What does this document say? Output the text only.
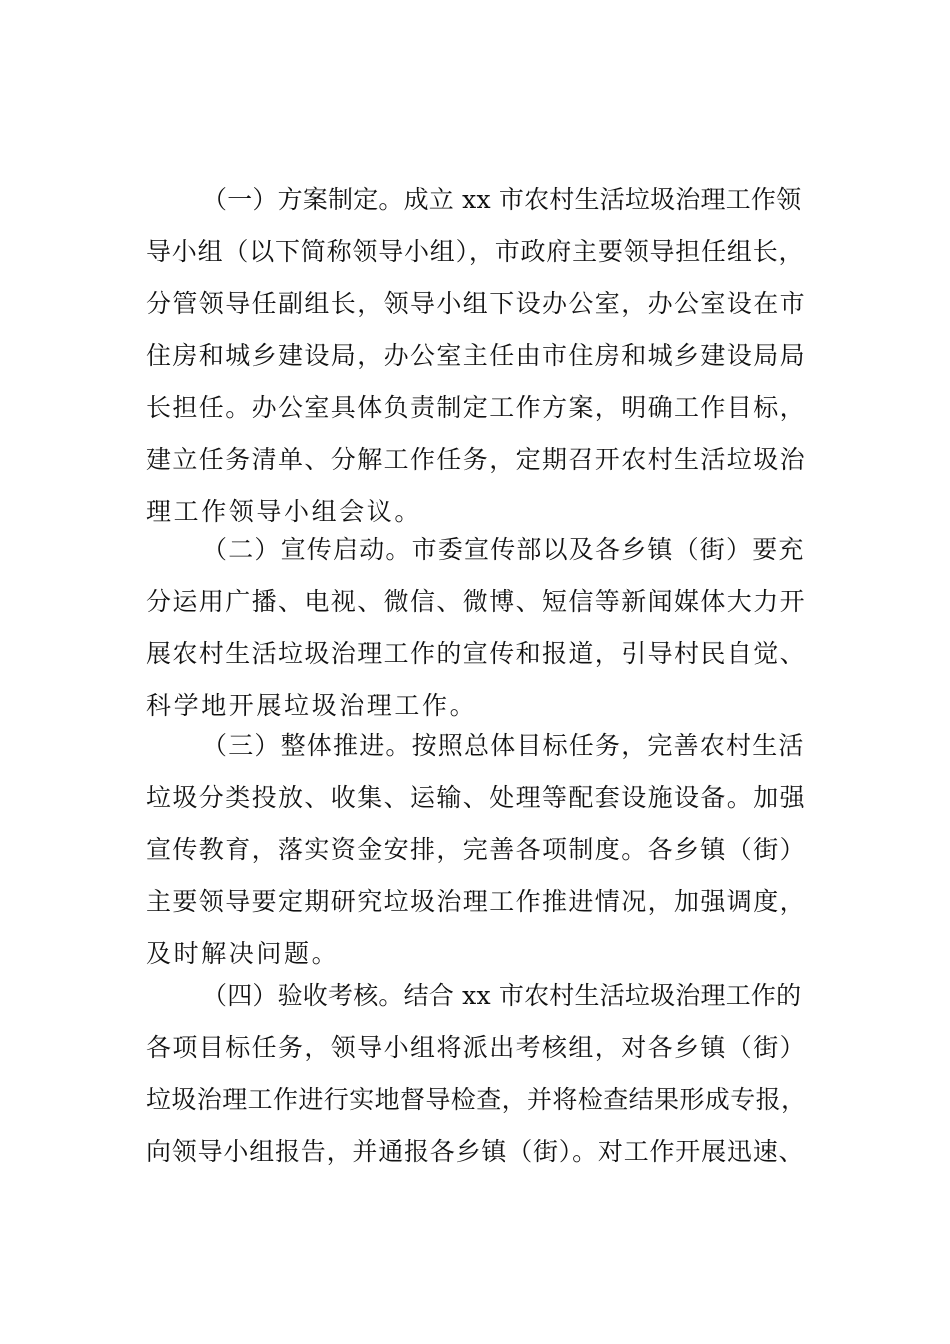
（一）方案制定。成立 xx 市农村生活垃圾治理工作领
导小组（以下简称领导小组），市政府主要领导担任组长，
分管领导任副组长，领导小组下设办公室，办公室设在市
住房和城乡建设局，办公室主任由市住房和城乡建设局局
长担任。办公室具体负责制定工作方案，明确工作目标，
建立任务清单、分解工作任务，定期召开农村生活垃圾治
理工作领导小组会议。
（二）宣传启动。市委宣传部以及各乡镇（街）要充
分运用广播、电视、微信、微博、短信等新闻媒体大力开
展农村生活垃圾治理工作的宣传和报道，引导村民自觉、
科学地开展垃圾治理工作。
（三）整体推进。按照总体目标任务，完善农村生活
垃圾分类投放、收集、运输、处理等配套设施设备。加强
宣传教育，落实资金安排，完善各项制度。各乡镇（街）
主要领导要定期研究垃圾治理工作推进情况，加强调度，
及时解决问题。
（四）验收考核。结合 xx 市农村生活垃圾治理工作的
各项目标任务，领导小组将派出考核组，对各乡镇（街）
垃圾治理工作进行实地督导检查，并将检查结果形成专报，
向领导小组报告，并通报各乡镇（街）。对工作开展迅速、
